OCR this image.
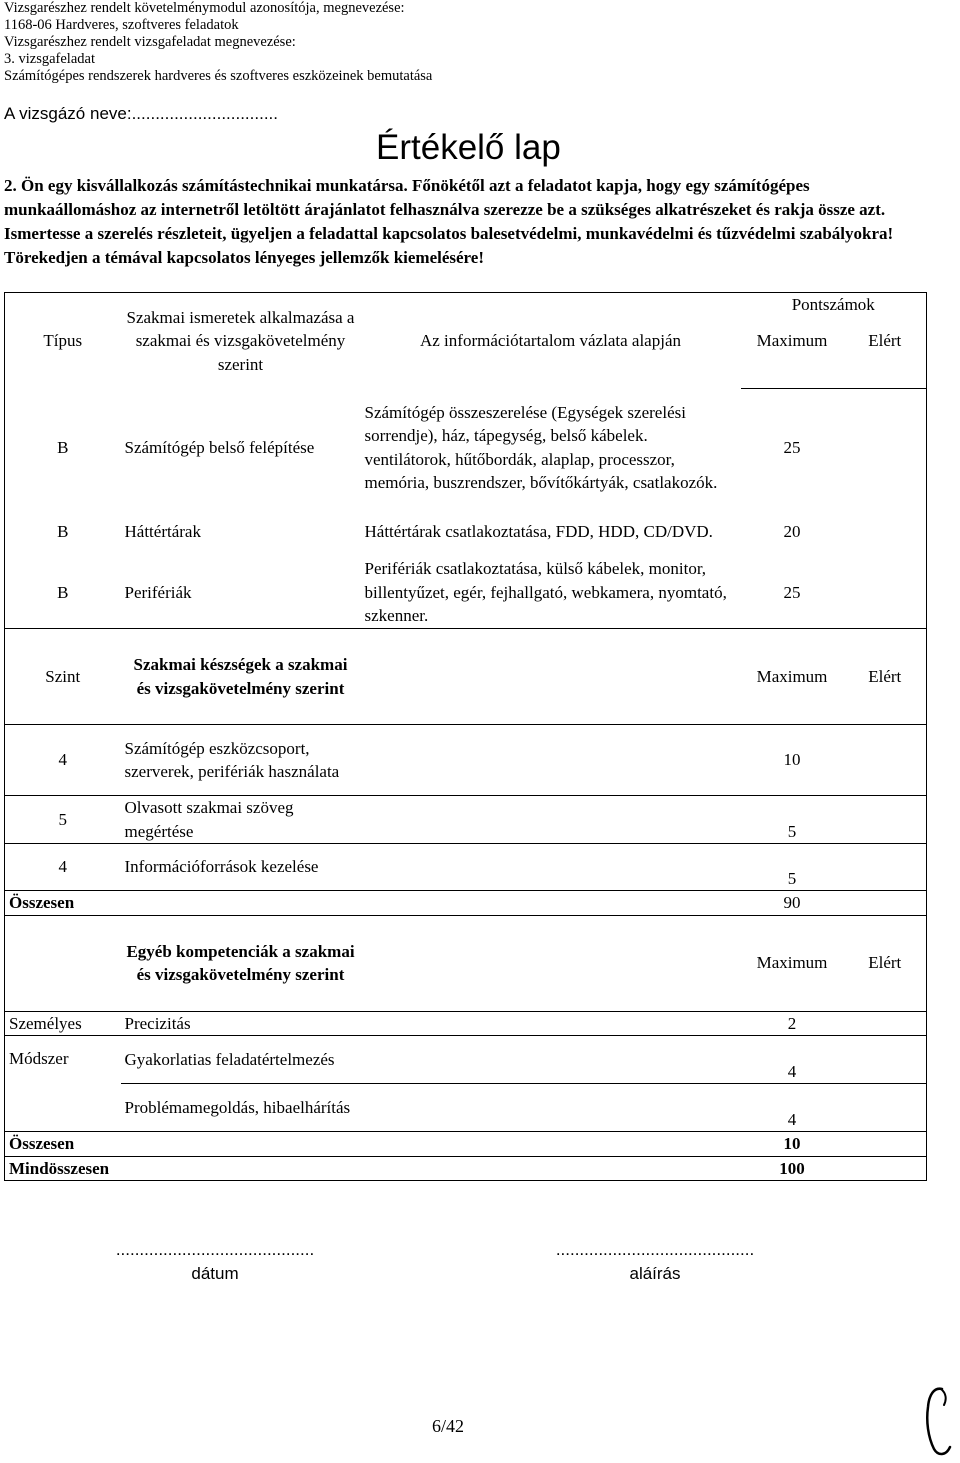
Vizsgarészhez rendelt követelménymodul azonosítója, megnevezése:
1168-06 Hardveres, szoftveres feladatok
Vizsgarészhez rendelt vizsgafeladat megnevezése:
3. vizsgafeladat
Számítógépes rendszerek hardveres és szoftveres eszközeinek bemutatása
A vizsgázó neve:...............................
Értékelő lap
2. Ön egy kisvállalkozás számítástechnikai munkatársa. Főnökétől azt a feladatot kapja, hogy egy számítógépes munkaállomáshoz az internetről letöltött árajánlatot felhasználva szerezze be a szükséges alkatrészeket és rakja össze azt. Ismertesse a szerelés részleteit, ügyeljen a feladattal kapcsolatos balesetvédelmi, munkavédelmi és tűzvédelmi szabályokra! Törekedjen a témával kapcsolatos lényeges jellemzők kiemelésére!
Típus	Szakmai ismeretek alkalmazása a szakmai és vizsgakövetelmény szerint	Az információtartalom vázlata alapján	Pontszámok	
			Maximum	Elért

B	Számítógép belső felépítése	Számítógép összeszerelése (Egységek szerelési sorrendje), ház, tápegység, belső kábelek. ventilátorok, hűtőbordák, alaplap, processzor, memória, buszrendszer, bővítőkártyák, csatlakozók.	25	
B	Háttértárak	Háttértárak csatlakoztatása, FDD, HDD, CD/DVD.	20	
B	Perifériák	Perifériák csatlakoztatása, külső kábelek, monitor, billentyűzet, egér, fejhallgató, webkamera, nyomtató, szkenner.	25	
Szint	Szakmai készségek a szakmai és vizsgakövetelmény szerint		Maximum	Elért
4	Számítógép eszközcsoport, szerverek, perifériák használata		10	
5	Olvasott szakmai szöveg megértése		5	
4	Információforrások kezelése		5	
Összesen			90	
	Egyéb kompetenciák a szakmai és vizsgakövetelmény szerint		Maximum	Elért
Személyes	Precizitás		2	
Módszer	Gyakorlatias feladatértelmezés		4	
	Problémamegoldás, hibaelhárítás		4	
Összesen			10	
Mindösszesen			100	
..........................................
dátum
..........................................
aláírás
6/42
